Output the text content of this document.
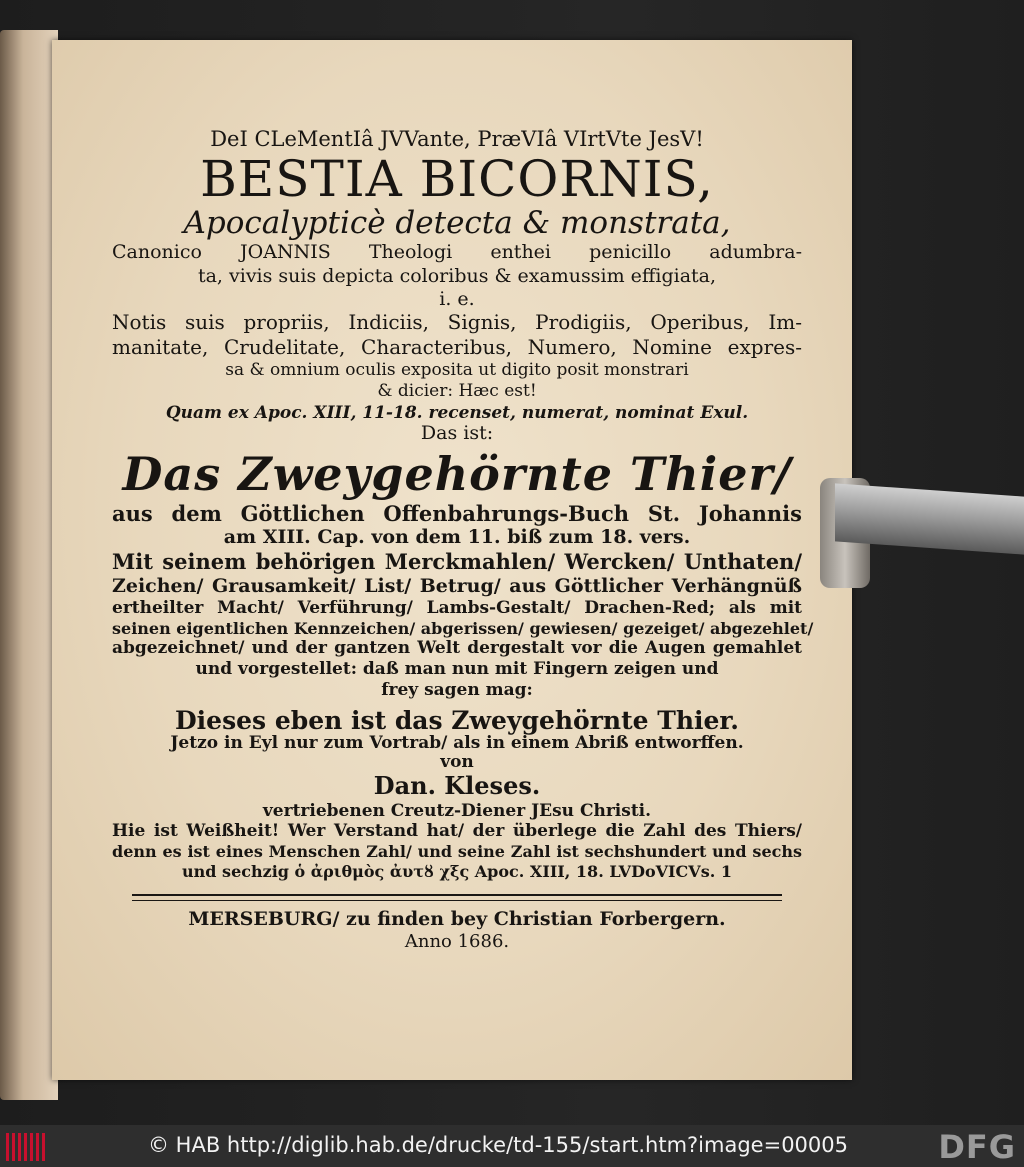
DeI CLeMentIâ JVVante, PræVIâ VIrtVte JesV!
BESTIA BICORNIS,
Apocalypticè detecta & monstrata,
Canonico JOANNIS Theologi enthei penicillo adumbra-
ta, vivis suis depicta coloribus & examussim effigiata,
i. e.
Notis suis propriis, Indiciis, Signis, Prodigiis, Operibus, Im-
manitate, Crudelitate, Characteribus, Numero, Nomine expres-
sa & omnium oculis exposita ut digito posit monstrari
& dicier: Hæc est!
Quam ex Apoc. XIII, 11-18. recenset, numerat, nominat Exul.
Das ist:
Das Zweygehörnte Thier/
aus dem Göttlichen Offenbahrungs-Buch St. Johannis
am XIII. Cap. von dem 11. biß zum 18. vers.
Mit seinem behörigen Merckmahlen/ Wercken/ Unthaten/
Zeichen/ Grausamkeit/ List/ Betrug/ aus Göttlicher Verhängnüß
ertheilter Macht/ Verführung/ Lambs-Gestalt/ Drachen-Red; als mit
seinen eigentlichen Kennzeichen/ abgerissen/ gewiesen/ gezeiget/ abgezehlet/
abgezeichnet/ und der gantzen Welt dergestalt vor die Augen gemahlet
und vorgestellet: daß man nun mit Fingern zeigen und
frey sagen mag:
Dieses eben ist das Zweygehörnte Thier.
Jetzo in Eyl nur zum Vortrab/ als in einem Abriß entworffen.
von
Dan. Kleses.
vertriebenen Creutz-Diener JEsu Christi.
Hie ist Weißheit! Wer Verstand hat/ der überlege die Zahl des Thiers/
denn es ist eines Menschen Zahl/ und seine Zahl ist sechshundert und sechs
und sechzig ὁ ἀριθμὸς ἀυτȣ χξς Apoc. XIII, 18. LVDoVICVs. 1
MERSEBURG/ zu finden bey Christian Forbergern.
Anno 1686.
© HAB http://diglib.hab.de/drucke/td-155/start.htm?image=00005	DFG
